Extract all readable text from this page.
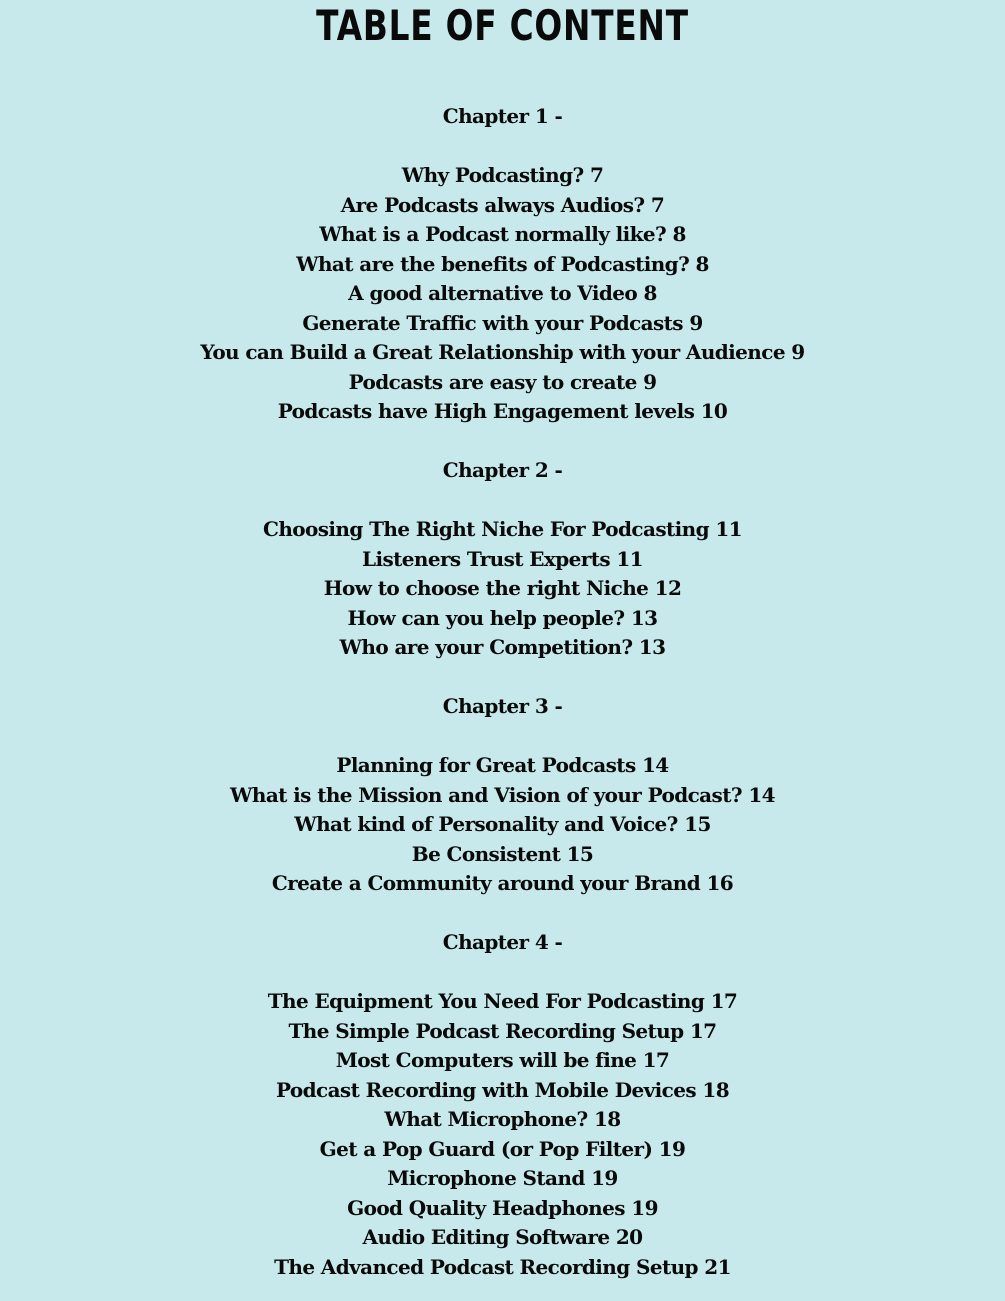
TABLE OF CONTENT
Chapter 1 -
Why Podcasting? 7
Are Podcasts always Audios? 7
What is a Podcast normally like? 8
What are the benefits of Podcasting? 8
A good alternative to Video 8
Generate Traffic with your Podcasts 9
You can Build a Great Relationship with your Audience 9
Podcasts are easy to create 9
Podcasts have High Engagement levels 10
Chapter 2 -
Choosing The Right Niche For Podcasting 11
Listeners Trust Experts 11
How to choose the right Niche 12
How can you help people? 13
Who are your Competition? 13
Chapter 3 -
Planning for Great Podcasts 14
What is the Mission and Vision of your Podcast? 14
What kind of Personality and Voice? 15
Be Consistent 15
Create a Community around your Brand 16
Chapter 4 -
The Equipment You Need For Podcasting 17
The Simple Podcast Recording Setup 17
Most Computers will be fine 17
Podcast Recording with Mobile Devices 18
What Microphone? 18
Get a Pop Guard (or Pop Filter) 19
Microphone Stand 19
Good Quality Headphones 19
Audio Editing Software 20
The Advanced Podcast Recording Setup 21
